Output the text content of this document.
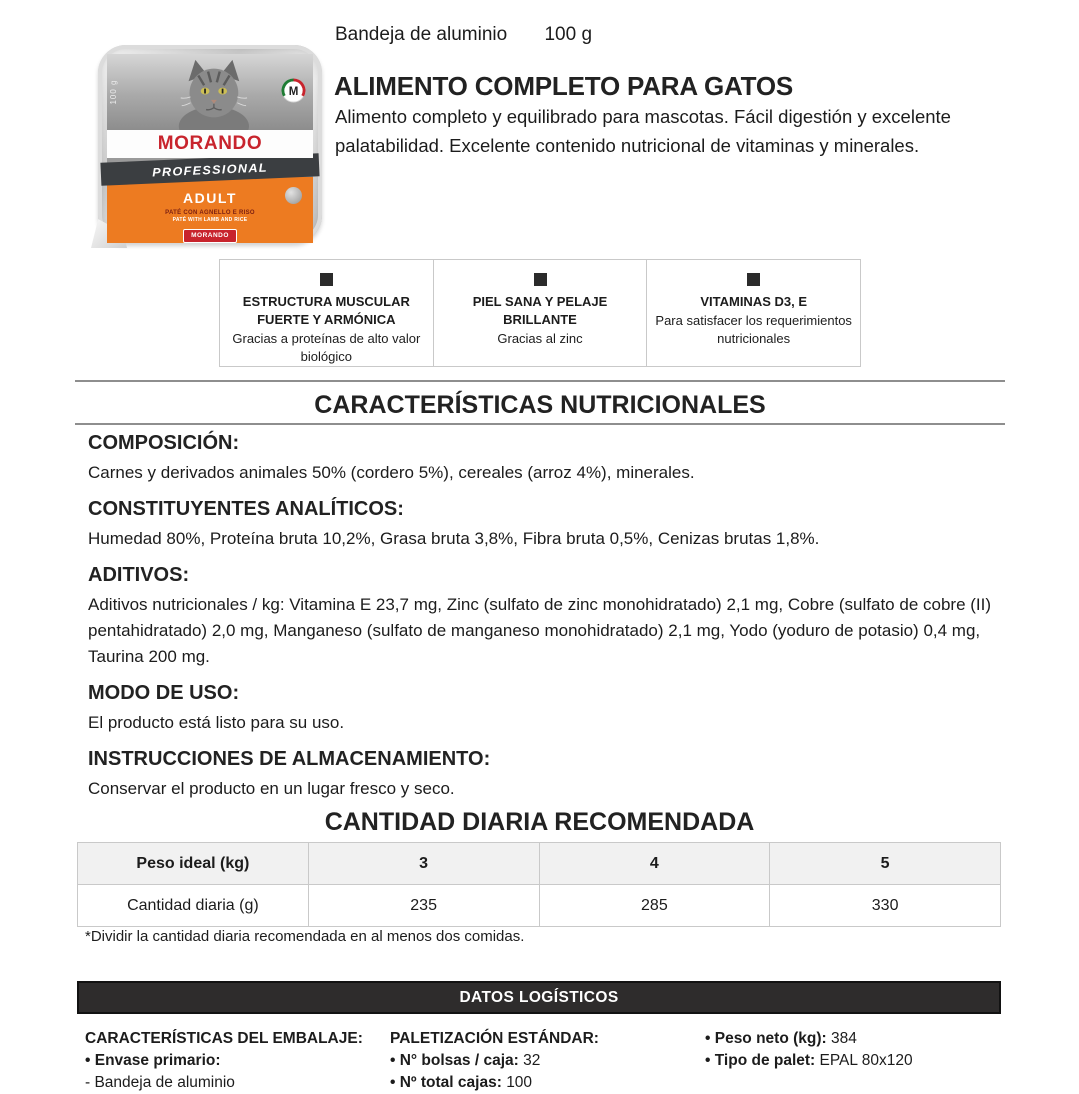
100 g	M
MORANDO
PROFESSIONAL
ADULT
PATÉ CON AGNELLO E RISO
PATÉ WITH LAMB AND RICE
MORANDO
Bandeja de aluminio 100 g
ALIMENTO COMPLETO PARA GATOS

Alimento completo y equilibrado para mascotas. Fácil digestión y excelente palatabilidad. Excelente contenido nutricional de vitaminas y minerales.

ESTRUCTURA MUSCULAR FUERTE Y ARMÓNICA
Gracias a proteínas de alto valor biológico
PIEL SANA Y PELAJE BRILLANTE
Gracias al zinc
VITAMINAS D3, E
Para satisfacer los requerimientos nutricionales
CARACTERÍSTICAS NUTRICIONALES
COMPOSICIÓN:

Carnes y derivados animales 50% (cordero 5%), cereales (arroz 4%), minerales.

CONSTITUYENTES ANALÍTICOS:

Humedad 80%, Proteína bruta 10,2%, Grasa bruta 3,8%, Fibra bruta 0,5%, Cenizas brutas 1,8%.

ADITIVOS:

Aditivos nutricionales / kg: Vitamina E 23,7 mg, Zinc (sulfato de zinc monohidratado) 2,1 mg, Cobre (sulfato de cobre (II) pentahidratado) 2,0 mg, Manganeso (sulfato de manganeso monohidratado) 2,1 mg, Yodo (yoduro de potasio) 0,4 mg, Taurina 200 mg.

MODO DE USO:

El producto está listo para su uso.

INSTRUCCIONES DE ALMACENAMIENTO:

Conservar el producto en un lugar fresco y seco.

CANTIDAD DIARIA RECOMENDADA
Peso ideal (kg)	3	4	5
Cantidad diaria (g)	235	285	330

*Dividir la cantidad diaria recomendada en al menos dos comidas.

DATOS LOGÍSTICOS
CARACTERÍSTICAS DEL EMBALAJE:
• Envase primario:
- Bandeja de aluminio
PALETIZACIÓN ESTÁNDAR:
• N° bolsas / caja: 32
• Nº total cajas: 100
• Peso neto (kg): 384
• Tipo de palet: EPAL 80x120
